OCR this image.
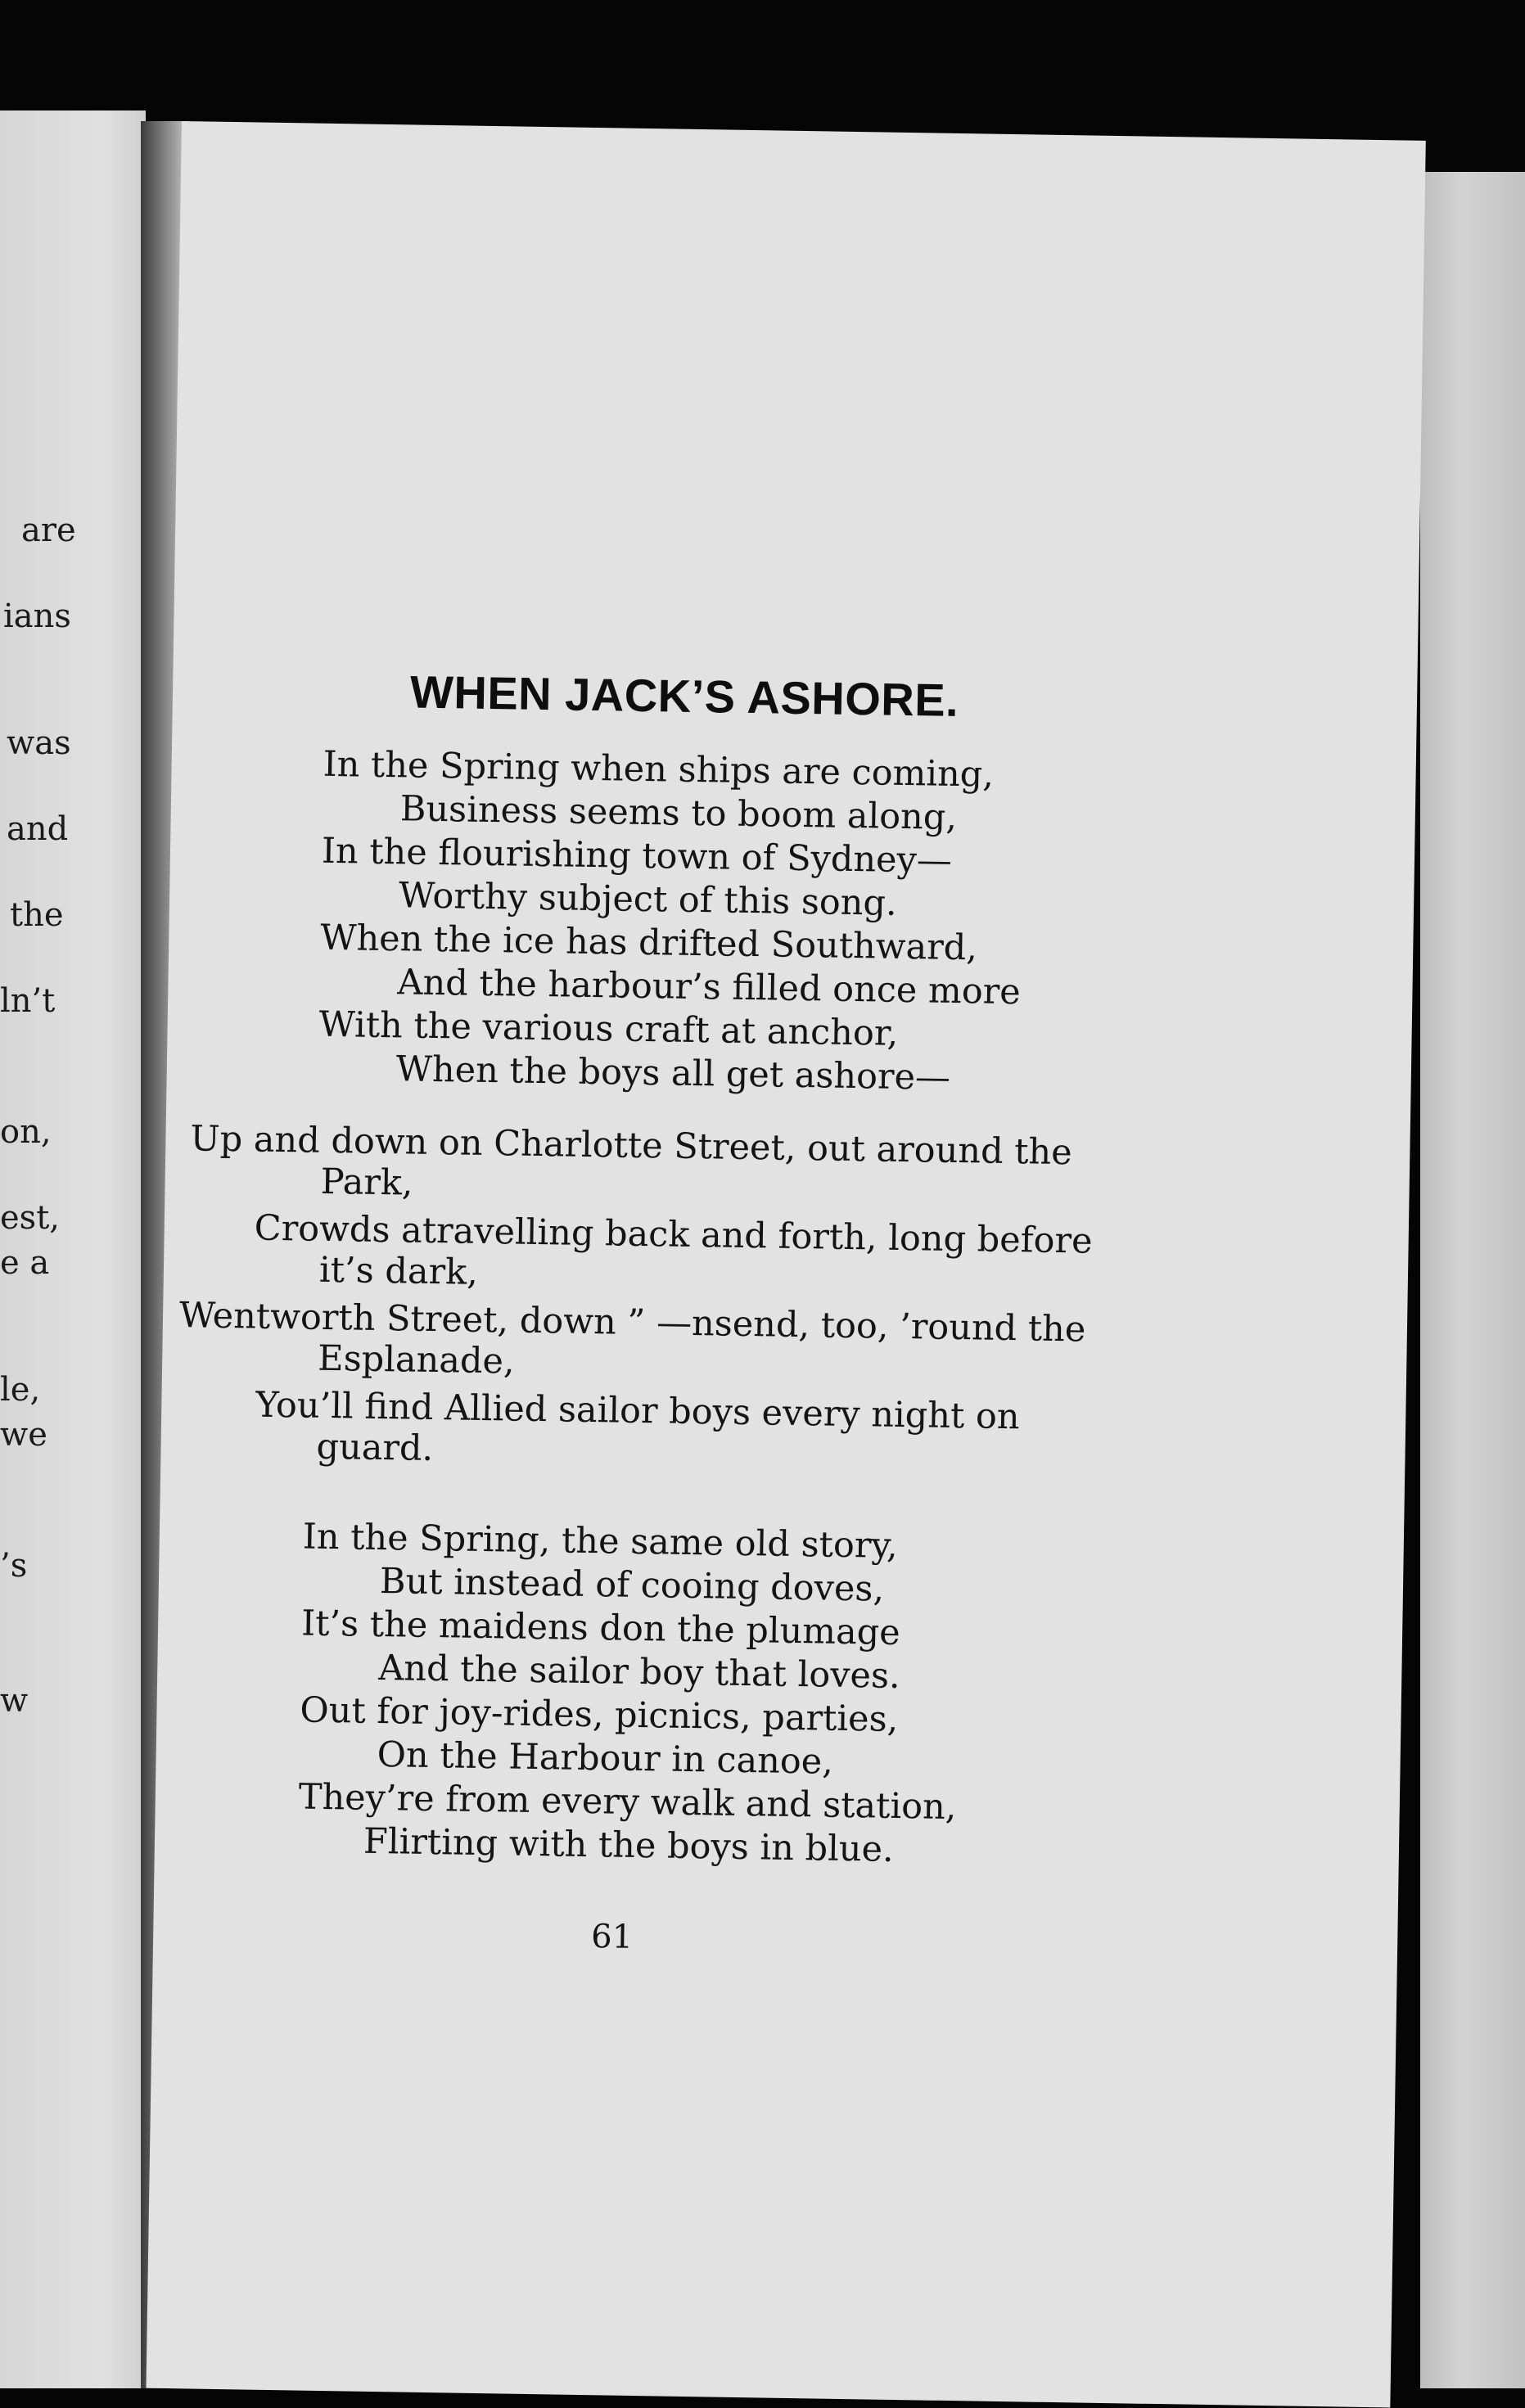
are
ians
was
and
the
ln’t
on,
est,
e a
le,
we
’s
w
WHEN JACK’S ASHORE.
In the Spring when ships are coming,
Business seems to boom along,
In the flourishing town of Sydney—
Worthy subject of this song.
When the ice has drifted Southward,
And the harbour’s filled once more
With the various craft at anchor,
When the boys all get ashore—
Up and down on Charlotte Street, out around the
Park,
Crowds atravelling back and forth, long before
it’s dark,
Wentworth Street, down ” —nsend, too, ’round the
Esplanade,
You’ll find Allied sailor boys every night on
guard.
In the Spring, the same old story,
But instead of cooing doves,
It’s the maidens don the plumage
And the sailor boy that loves.
Out for joy-rides, picnics, parties,
On the Harbour in canoe,
They’re from every walk and station,
Flirting with the boys in blue.
61
